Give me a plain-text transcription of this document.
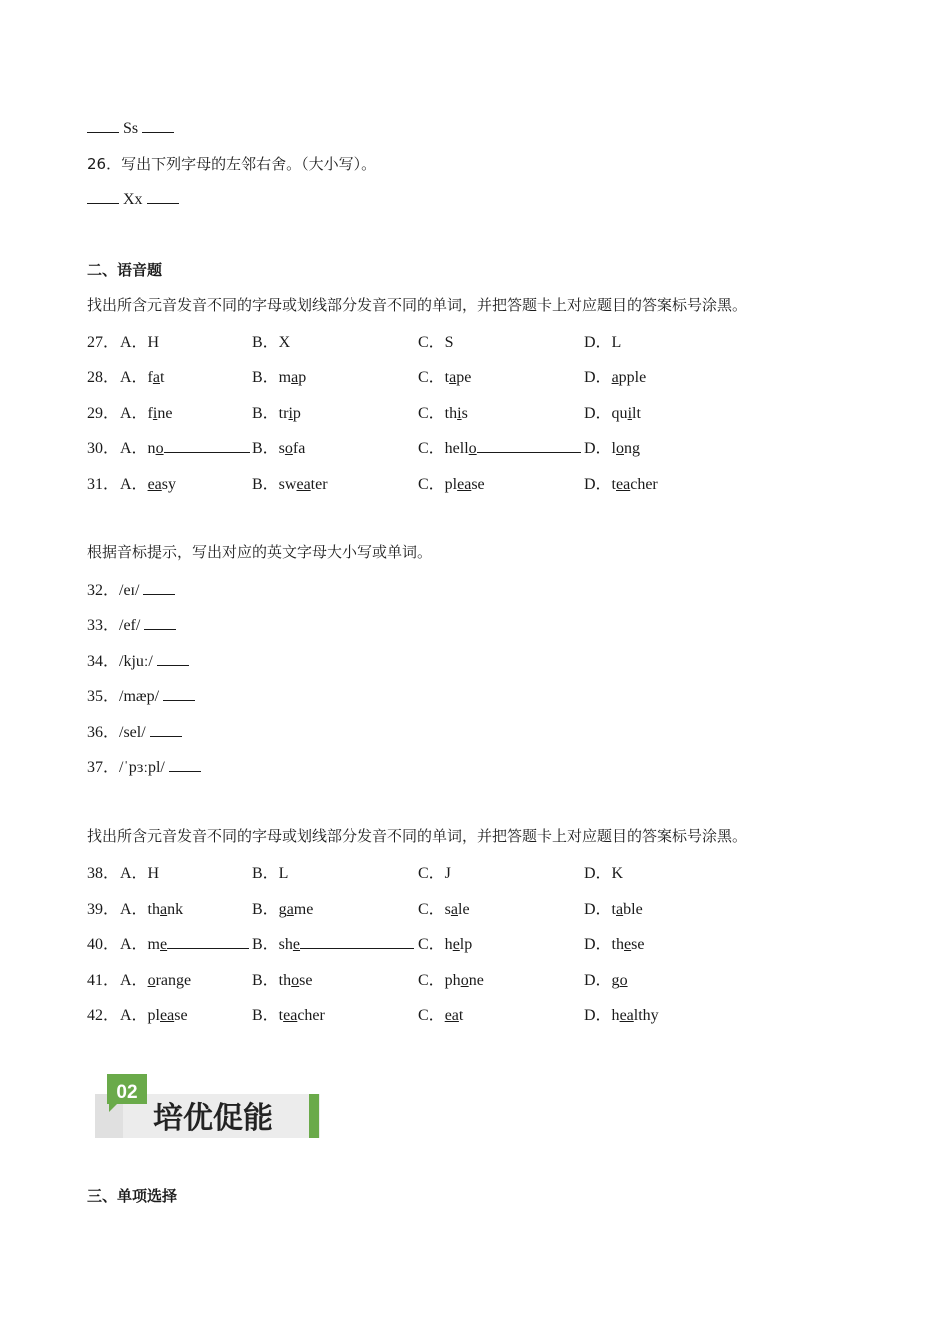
Ss
26．写出下列字母的左邻右舍。（大小写）。
Xx
二、语音题
找出所含元音发音不同的字母或划线部分发音不同的单词，并把答题卡上对应题目的答案标号涂黑。
27． A．H	B．X	C．S	D．L
28． A．fat	B．map	C．tape	D．apple
29． A．fine	B．trip	C．this	D．quilt
30． A．no	B．sofa	C．hello	D．long
31． A．easy	B．sweater	C．please	D．teacher
根据音标提示，写出对应的英文字母大小写或单词。
32．/eɪ/
33．/ef/
34．/kjuː/
35．/mæp/
36．/sel/
37．/ˈpɜːpl/
找出所含元音发音不同的字母或划线部分发音不同的单词，并把答题卡上对应题目的答案标号涂黑。
38． A．H	B．L	C．J	D．K
39． A．thank	B．game	C．sale	D．table
40． A．me	B．she	C．help	D．these
41． A．orange	B．those	C．phone	D．go
42． A．please	B．teacher	C．eat	D．healthy
02
培优促能
三、单项选择
